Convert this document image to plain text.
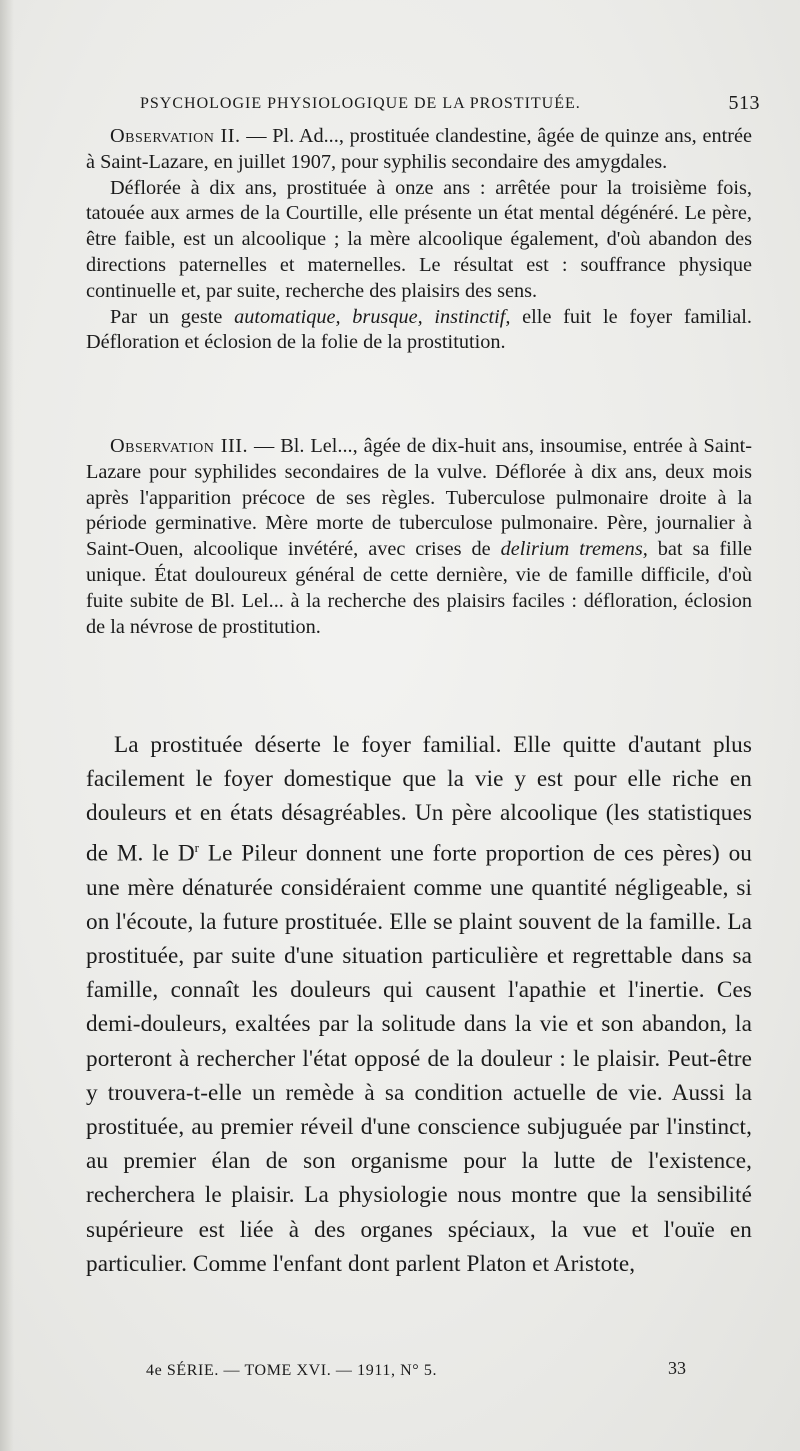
PSYCHOLOGIE PHYSIOLOGIQUE DE LA PROSTITUÉE.	513

Observation II. — Pl. Ad..., prostituée clandestine, âgée de quinze ans, entrée à Saint-Lazare, en juillet 1907, pour syphilis secondaire des amygdales.

Déflorée à dix ans, prostituée à onze ans : arrêtée pour la troisième fois, tatouée aux armes de la Courtille, elle présente un état mental dégénéré. Le père, être faible, est un alcoolique ; la mère alcoolique également, d'où abandon des directions paternelles et maternelles. Le résultat est : souffrance physique continuelle et, par suite, recherche des plaisirs des sens.

Par un geste automatique, brusque, instinctif, elle fuit le foyer familial. Défloration et éclosion de la folie de la prostitution.

Observation III. — Bl. Lel..., âgée de dix-huit ans, insoumise, entrée à Saint-Lazare pour syphilides secondaires de la vulve. Déflorée à dix ans, deux mois après l'apparition précoce de ses règles. Tuberculose pulmonaire droite à la période germinative. Mère morte de tuberculose pulmonaire. Père, journalier à Saint-Ouen, alcoolique invétéré, avec crises de delirium tremens, bat sa fille unique. État douloureux général de cette dernière, vie de famille difficile, d'où fuite subite de Bl. Lel... à la recherche des plaisirs faciles : défloration, éclosion de la névrose de prostitution.

La prostituée déserte le foyer familial. Elle quitte d'autant plus facilement le foyer domestique que la vie y est pour elle riche en douleurs et en états désagréables. Un père alcoolique (les statistiques de M. le $D^r$ Le Pileur donnent une forte proportion de ces pères) ou une mère dénaturée considéraient comme une quantité négligeable, si on l'écoute, la future prostituée. Elle se plaint souvent de la famille. La prostituée, par suite d'une situation particulière et regrettable dans sa famille, connaît les douleurs qui causent l'apathie et l'inertie. Ces demi-douleurs, exaltées par la solitude dans la vie et son abandon, la porteront à rechercher l'état opposé de la douleur : le plaisir. Peut-être y trouvera-t-elle un remède à sa condition actuelle de vie. Aussi la prostituée, au premier réveil d'une conscience subjuguée par l'instinct, au premier élan de son organisme pour la lutte de l'existence, recherchera le plaisir. La physiologie nous montre que la sensibilité supérieure est liée à des organes spéciaux, la vue et l'ouïe en particulier. Comme l'enfant dont parlent Platon et Aristote,

4e SÉRIE. — TOME XVI. — 1911, N° 5.	33
